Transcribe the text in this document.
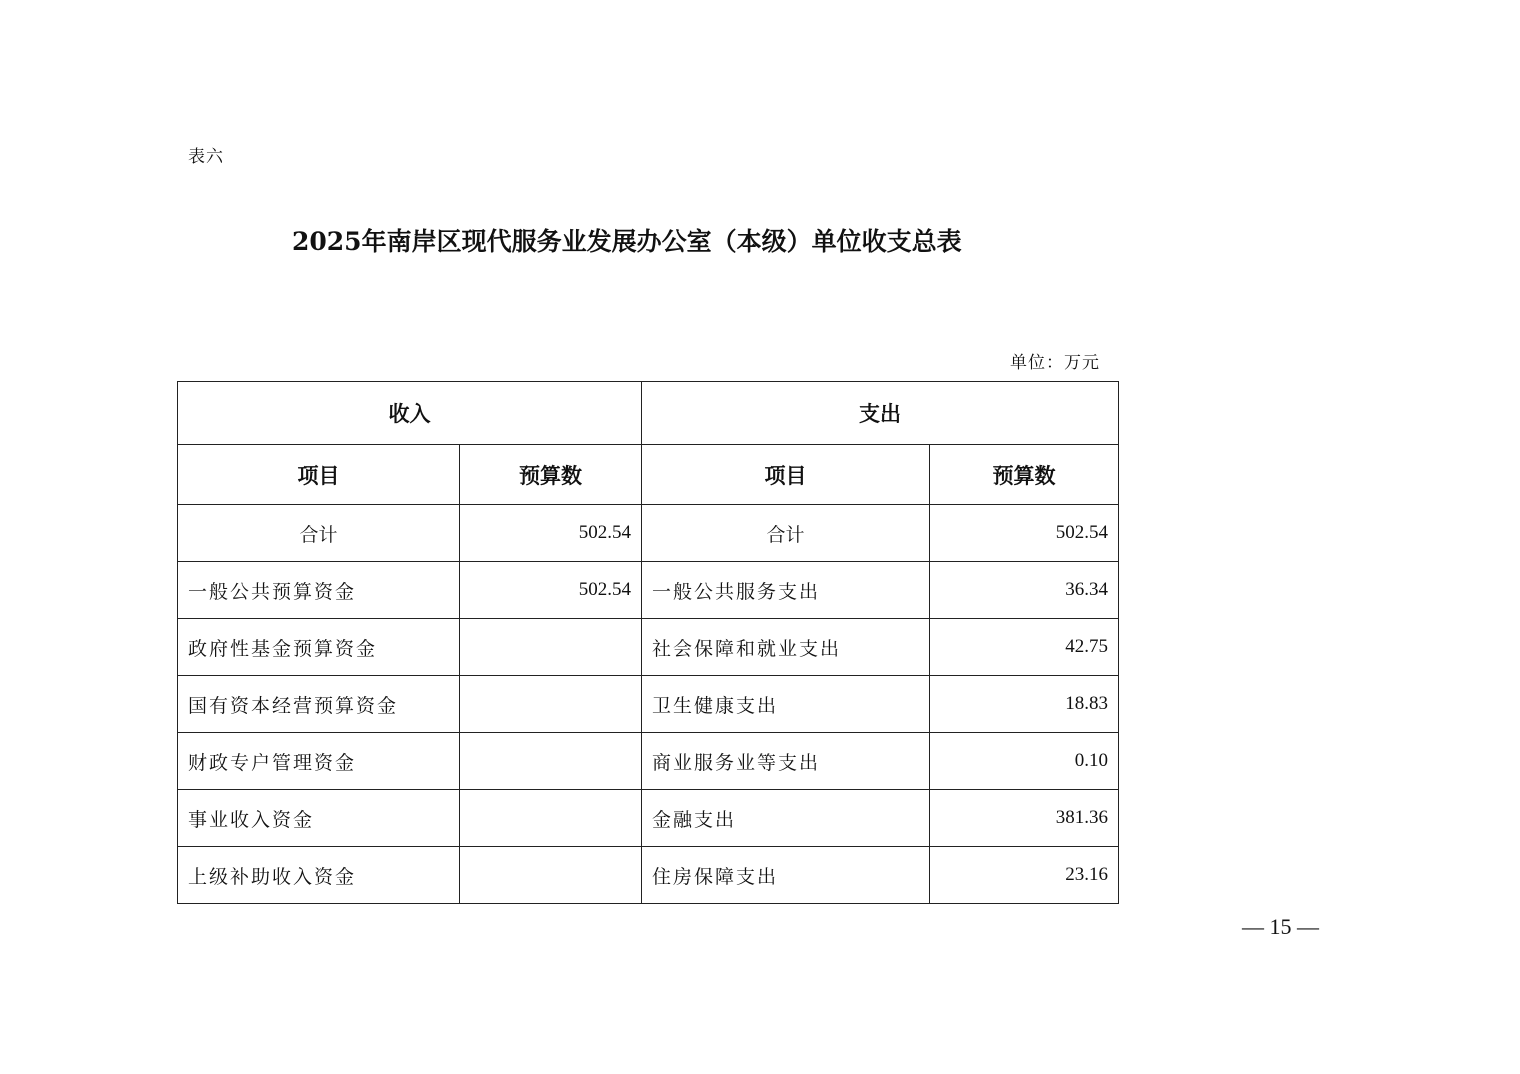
表六
2025年南岸区现代服务业发展办公室（本级）单位收支总表
单位：万元
收入		支出	
项目	预算数	项目	预算数
合计	502.54	合计	502.54
一般公共预算资金	502.54	一般公共服务支出	36.34
政府性基金预算资金		社会保障和就业支出	42.75
国有资本经营预算资金		卫生健康支出	18.83
财政专户管理资金		商业服务业等支出	0.10
事业收入资金		金融支出	381.36
上级补助收入资金		住房保障支出	23.16
— 15 —
